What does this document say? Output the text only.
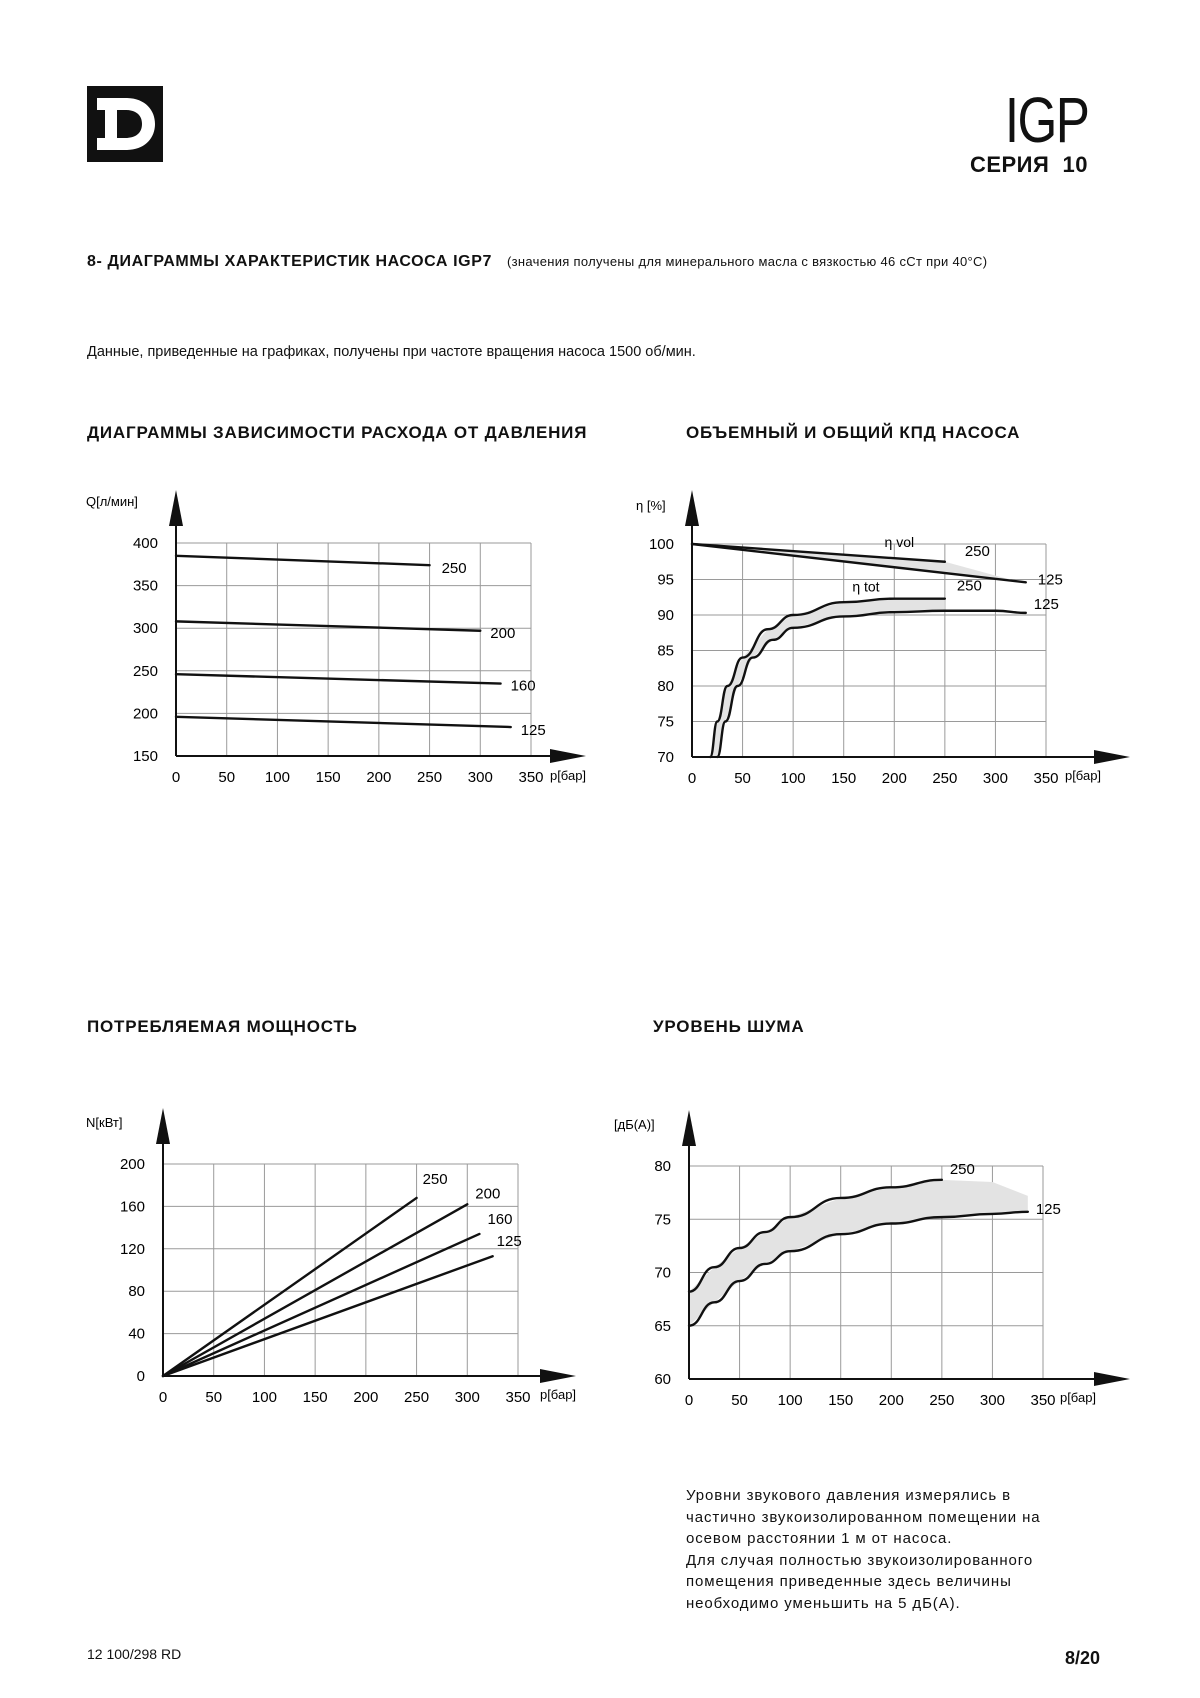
IGP
СЕРИЯ  10
8- ДИАГРАММЫ ХАРАКТЕРИСТИК НАСОСА IGP7 (значения получены для минерального масла с вязкостью 46 сСт при 40°C)
Данные, приведенные на графиках, получены при частоте вращения насоса 1500 об/мин.
ДИАГРАММЫ ЗАВИСИМОСТИ РАСХОДА ОТ ДАВЛЕНИЯ	ОБЪЕМНЫЙ И ОБЩИЙ КПД НАСОСА
ПОТРЕБЛЯЕМАЯ МОЩНОСТЬ	УРОВЕНЬ ШУМА
0	50 100 150 200 250 300 350
150
200
250
300
350
400
p[бар]
Q[л/мин]
250
200
160
125
0	50 100 150 200 250 300 350
70
75
80
85
90
95
100
p[бар]
η [%]
250
125
250
125
η vol
η tot
0	50 100 150 200 250 300 350
0
40
80
120
160
200
p[бар]
N[кВт]
250
200
160
125
0	50 100 150 200 250 300 350
60
65
70
75
80
p[бар]
[дБ(А)]
250
125

Уровни звукового давления измерялись в частично звукоизолированном помещении на осевом расстоянии 1 м от насоса.

Для случая полностью звукоизолированного помещения приведенные здесь величины необходимо уменьшить на 5 дБ(А).

12 100/298 RD	8/20
